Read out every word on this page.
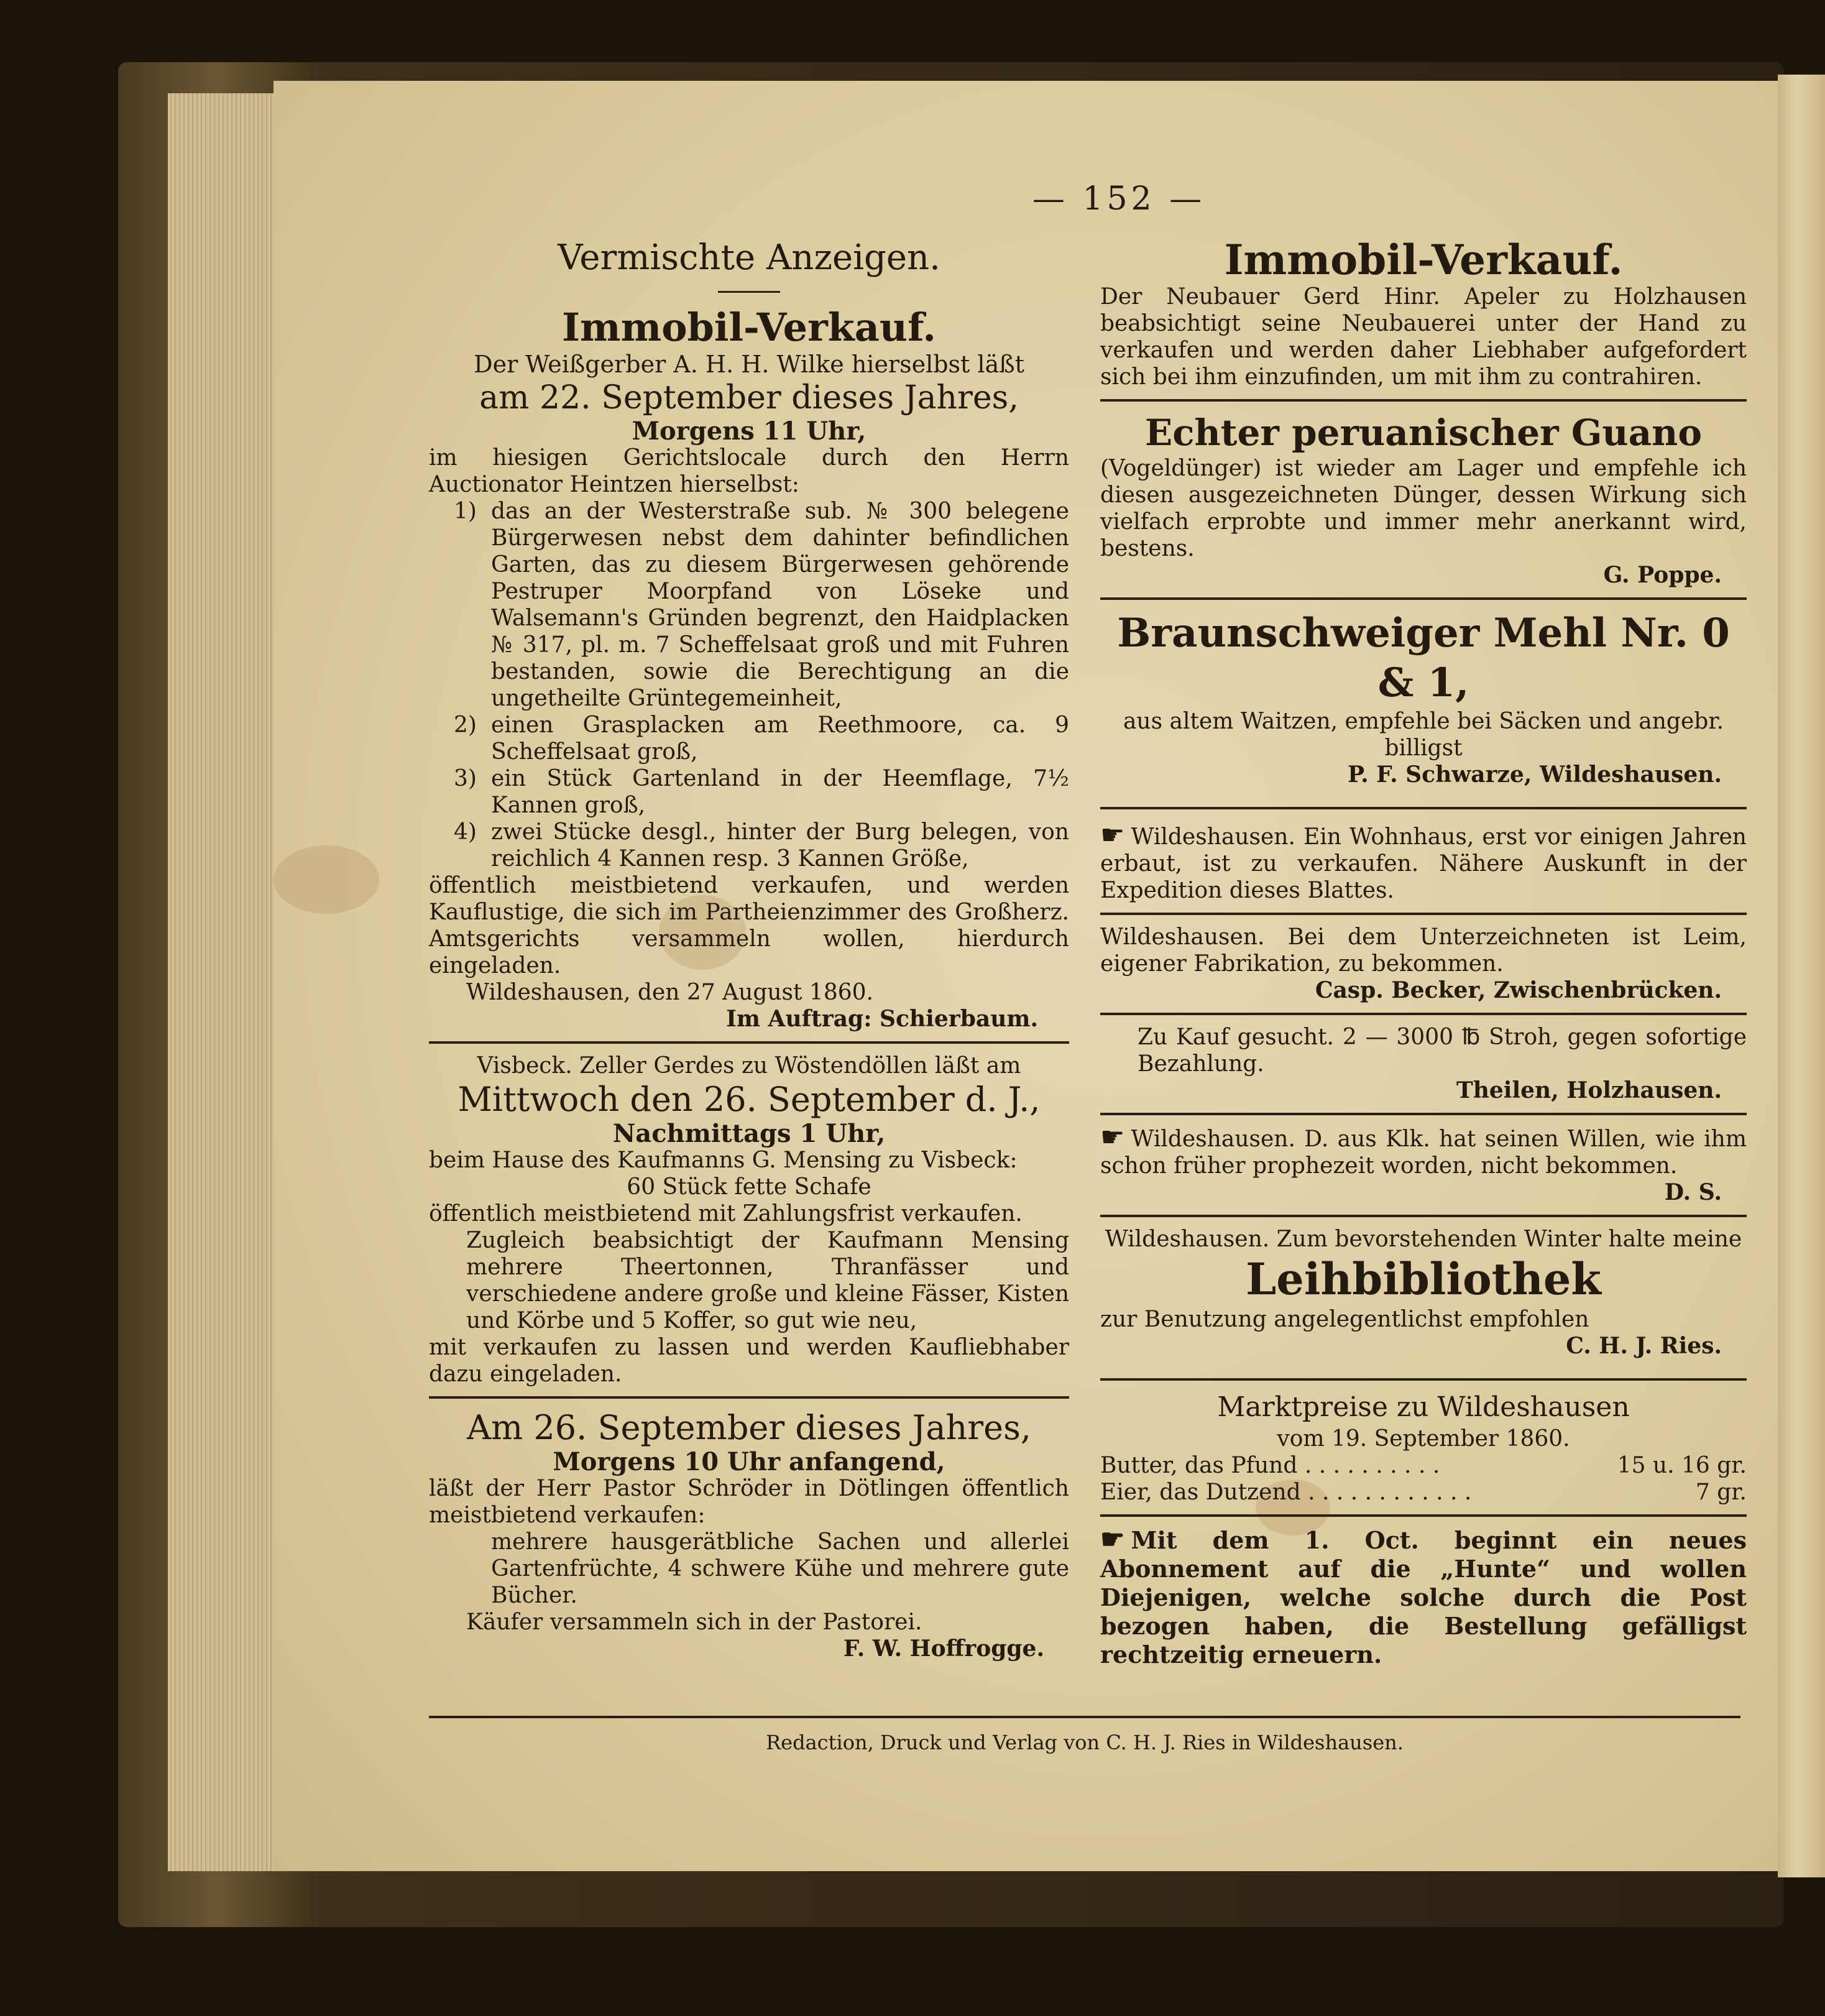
— 152 —
Vermischte Anzeigen.
Immobil-Verkauf.
Der Weißgerber A. H. H. Wilke hierselbst läßt
am 22. September dieses Jahres,
Morgens 11 Uhr,
im hiesigen Gerichtslocale durch den Herrn Auctionator Heintzen hierselbst:
1) das an der Westerstraße sub. № 300 belegene Bürgerwesen nebst dem dahinter befindlichen Garten, das zu diesem Bürgerwesen gehörende Pestruper Moorpfand von Löseke und Walsemann's Gründen begrenzt, den Haidplacken № 317, pl. m. 7 Scheffelsaat groß und mit Fuhren bestanden, sowie die Berechtigung an die ungetheilte Grüntegemeinheit,
2) einen Grasplacken am Reethmoore, ca. 9 Scheffelsaat groß,
3) ein Stück Gartenland in der Heemflage, 7½ Kannen groß,
4) zwei Stücke desgl., hinter der Burg belegen, von reichlich 4 Kannen resp. 3 Kannen Größe,
öffentlich meistbietend verkaufen, und werden Kauflustige, die sich im Partheienzimmer des Großherz. Amtsgerichts versammeln wollen, hierdurch eingeladen.
Wildeshausen, den 27 August 1860.
Im Auftrag: Schierbaum.
Visbeck. Zeller Gerdes zu Wöstendöllen läßt am
Mittwoch den 26. September d. J.,
Nachmittags 1 Uhr,
beim Hause des Kaufmanns G. Mensing zu Visbeck:
60 Stück fette Schafe
öffentlich meistbietend mit Zahlungsfrist verkaufen.
Zugleich beabsichtigt der Kaufmann Mensing mehrere Theertonnen, Thranfässer und verschiedene andere große und kleine Fässer, Kisten und Körbe und 5 Koffer, so gut wie neu,
mit verkaufen zu lassen und werden Kaufliebhaber dazu eingeladen.
Am 26. September dieses Jahres,
Morgens 10 Uhr anfangend,
läßt der Herr Pastor Schröder in Dötlingen öffentlich meistbietend verkaufen:
mehrere hausgerätbliche Sachen und allerlei Gartenfrüchte, 4 schwere Kühe und mehrere gute Bücher.
Käufer versammeln sich in der Pastorei.
F. W. Hoffrogge.
Immobil-Verkauf.
Der Neubauer Gerd Hinr. Apeler zu Holzhausen beabsichtigt seine Neubauerei unter der Hand zu verkaufen und werden daher Liebhaber aufgefordert sich bei ihm einzufinden, um mit ihm zu contrahiren.
Echter peruanischer Guano
(Vogeldünger) ist wieder am Lager und empfehle ich diesen ausgezeichneten Dünger, dessen Wirkung sich vielfach erprobte und immer mehr anerkannt wird, bestens.
G. Poppe.
Braunschweiger Mehl Nr. 0 & 1,
aus altem Waitzen, empfehle bei Säcken und angebr. billigst
P. F. Schwarze, Wildeshausen.
☛ Wildeshausen. Ein Wohnhaus, erst vor einigen Jahren erbaut, ist zu verkaufen. Nähere Auskunft in der Expedition dieses Blattes.
Wildeshausen. Bei dem Unterzeichneten ist Leim, eigener Fabrikation, zu bekommen.
Casp. Becker, Zwischenbrücken.
Zu Kauf gesucht. 2 — 3000 ℔ Stroh, gegen sofortige Bezahlung.
Theilen, Holzhausen.
☛ Wildeshausen. D. aus Klk. hat seinen Willen, wie ihm schon früher prophezeit worden, nicht bekommen.
D. S.
Wildeshausen. Zum bevorstehenden Winter halte meine
Leihbibliothek
zur Benutzung angelegentlichst empfohlen
C. H. J. Ries.
Marktpreise zu Wildeshausen
vom 19. September 1860.
Butter, das Pfund . . . . . . . . . .	15 u. 16 gr.
Eier, das Dutzend . . . . . . . . . . . .	7 gr.
☛ Mit dem 1. Oct. beginnt ein neues Abonnement auf die „Hunte“ und wollen Diejenigen, welche solche durch die Post bezogen haben, die Bestellung gefälligst rechtzeitig erneuern.
Redaction, Druck und Verlag von C. H. J. Ries in Wildeshausen.
